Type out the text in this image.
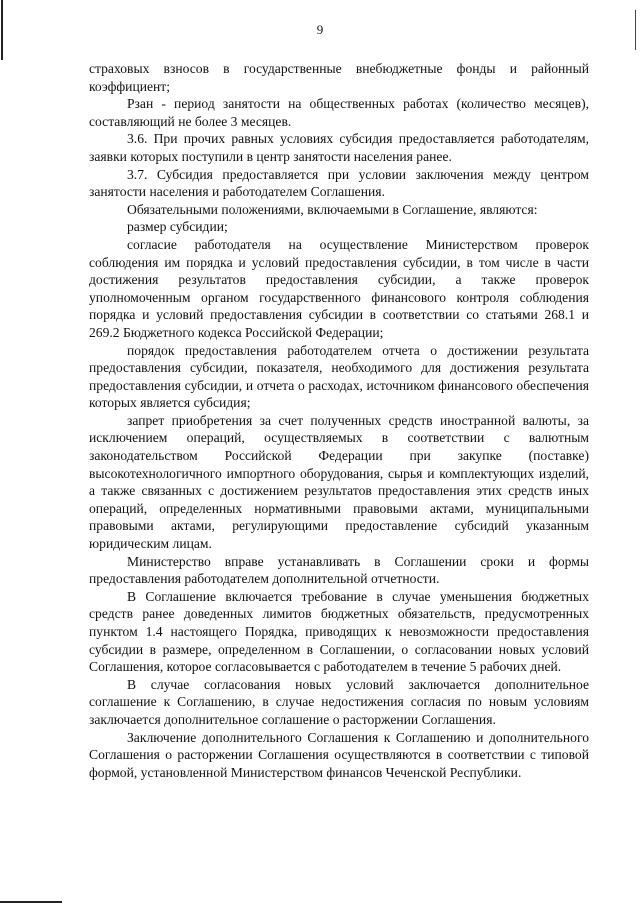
9

страховых взносов в государственные внебюджетные фонды и районный коэффициент;

Рзан - период занятости на общественных работах (количество месяцев), составляющий не более 3 месяцев.

3.6. При прочих равных условиях субсидия предоставляется работодателям, заявки которых поступили в центр занятости населения ранее.

3.7. Субсидия предоставляется при условии заключения между центром занятости населения и работодателем Соглашения.

Обязательными положениями, включаемыми в Соглашение, являются:

размер субсидии;

согласие работодателя на осуществление Министерством проверок соблюдения им порядка и условий предоставления субсидии, в том числе в части достижения результатов предоставления субсидии, а также проверок уполномоченным органом государственного финансового контроля соблюдения порядка и условий предоставления субсидии в соответствии со статьями 268.1 и 269.2 Бюджетного кодекса Российской Федерации;

порядок предоставления работодателем отчета о достижении результата предоставления субсидии, показателя, необходимого для достижения результата предоставления субсидии, и отчета о расходах, источником финансового обеспечения которых является субсидия;

запрет приобретения за счет полученных средств иностранной валюты, за исключением операций, осуществляемых в соответствии с валютным законодательством Российской Федерации при закупке (поставке) высокотехнологичного импортного оборудования, сырья и комплектующих изделий, а также связанных с достижением результатов предоставления этих средств иных операций, определенных нормативными правовыми актами, муниципальными правовыми актами, регулирующими предоставление субсидий указанным юридическим лицам.

Министерство вправе устанавливать в Соглашении сроки и формы предоставления работодателем дополнительной отчетности.

В Соглашение включается требование в случае уменьшения бюджетных средств ранее доведенных лимитов бюджетных обязательств, предусмотренных пунктом 1.4 настоящего Порядка, приводящих к невозможности предоставления субсидии в размере, определенном в Соглашении, о согласовании новых условий Соглашения, которое согласовывается с работодателем в течение 5 рабочих дней.

В случае согласования новых условий заключается дополнительное соглашение к Соглашению, в случае недостижения согласия по новым условиям заключается дополнительное соглашение о расторжении Соглашения.

Заключение дополнительного Соглашения к Соглашению и дополнительного Соглашения о расторжении Соглашения осуществляются в соответствии с типовой формой, установленной Министерством финансов Чеченской Республики.
